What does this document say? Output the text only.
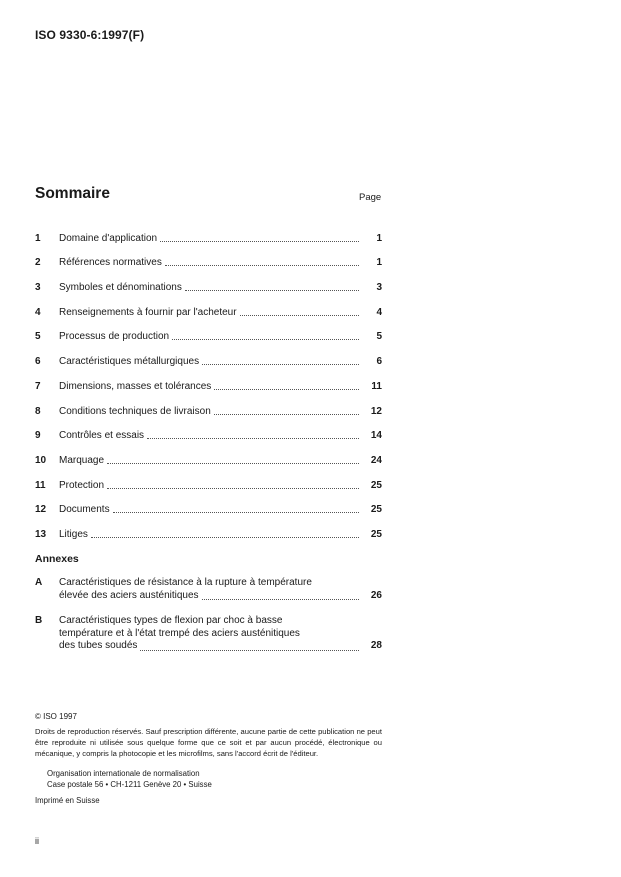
ISO 9330-6:1997(F)
Sommaire	Page
1	Domaine d'application	1
2	Références normatives	1
3	Symboles et dénominations	3
4	Renseignements à fournir par l'acheteur	4
5	Processus de production	5
6	Caractéristiques métallurgiques	6
7	Dimensions, masses et tolérances	11
8	Conditions techniques de livraison	12
9	Contrôles et essais	14
10	Marquage	24
11	Protection	25
12	Documents	25
13	Litiges	25
Annexes
A Caractéristiques de résistance à la rupture à température
élevée des aciers austénitiques	26
B Caractéristiques types de flexion par choc à basse
température et à l'état trempé des aciers austénitiques
des tubes soudés	28
© ISO 1997
Droits de reproduction réservés. Sauf prescription différente, aucune partie de cette publication ne peut être reproduite ni utilisée sous quelque forme que ce soit et par aucun procédé, électronique ou mécanique, y compris la photocopie et les microfilms, sans l'accord écrit de l'éditeur.
Organisation internationale de normalisation
Case postale 56 • CH-1211 Genève 20 • Suisse
Imprimé en Suisse
ii
